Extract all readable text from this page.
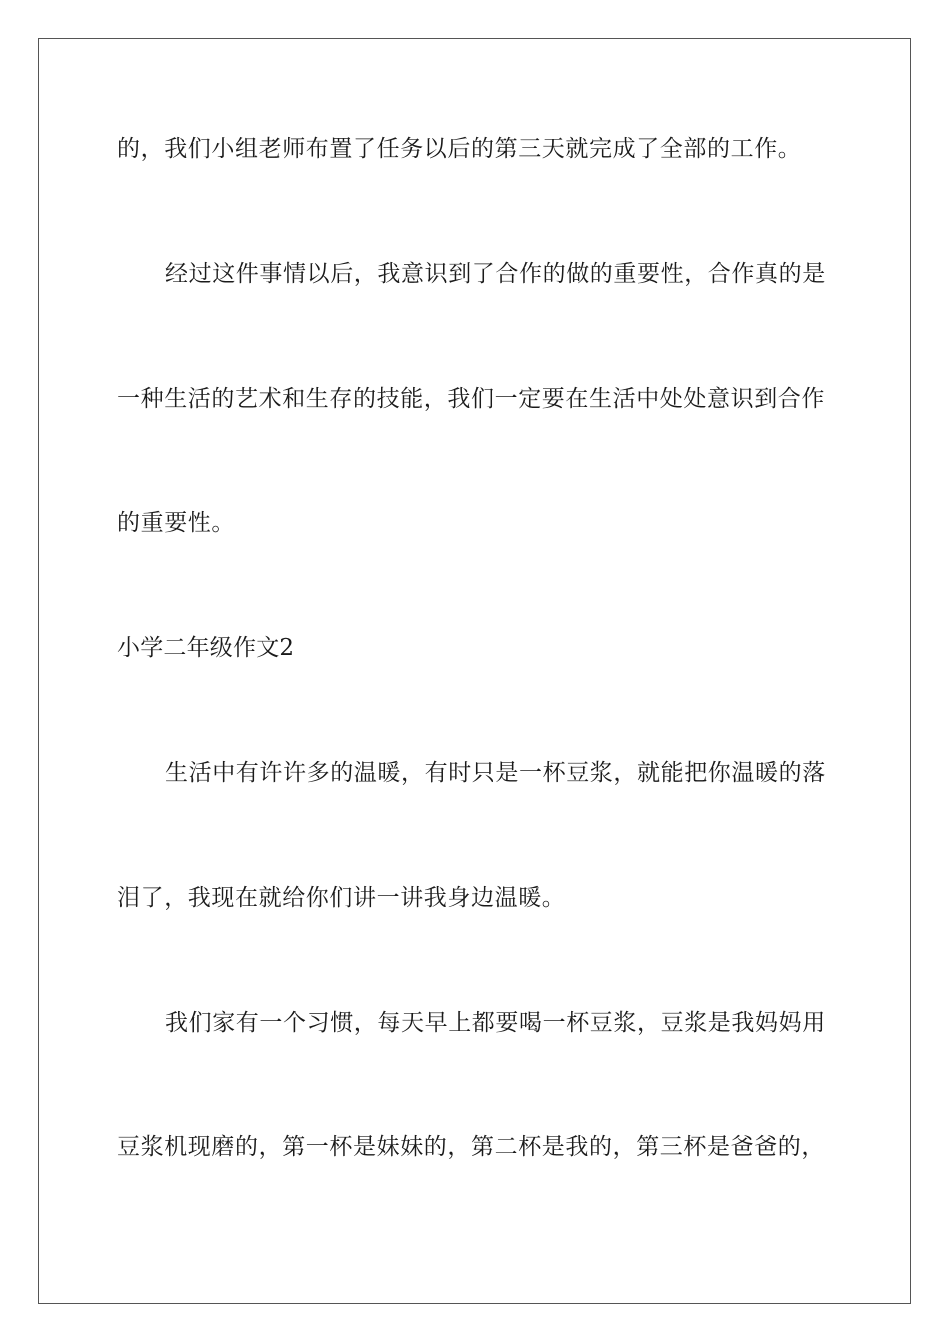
的，我们小组老师布置了任务以后的第三天就完成了全部的工作。
经过这件事情以后，我意识到了合作的做的重要性，合作真的是
一种生活的艺术和生存的技能，我们一定要在生活中处处意识到合作
的重要性。
小学二年级作文2
生活中有许许多的温暖，有时只是一杯豆浆，就能把你温暖的落
泪了，我现在就给你们讲一讲我身边温暖。
我们家有一个习惯，每天早上都要喝一杯豆浆，豆浆是我妈妈用
豆浆机现磨的，第一杯是妹妹的，第二杯是我的，第三杯是爸爸的，
